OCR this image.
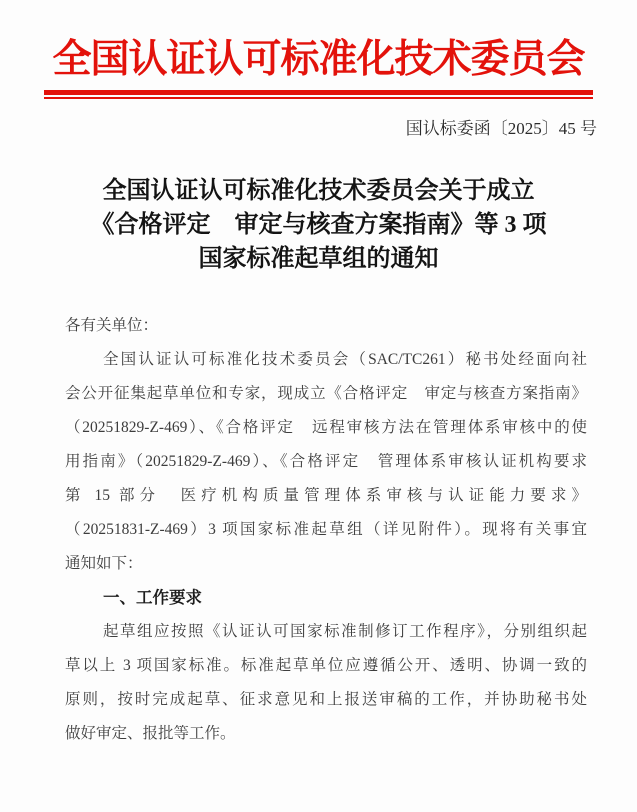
全国认证认可标准化技术委员会
国认标委函〔2025〕45 号
全国认证认可标准化技术委员会关于成立
《合格评定　审定与核查方案指南》等 3 项
国家标准起草组的通知
各有关单位：
全国认证认可标准化技术委员会（SAC/TC261）秘书处经面向社
会公开征集起草单位和专家，现成立《合格评定　审定与核查方案指南》
（20251829-Z-469）、《合格评定　远程审核方法在管理体系审核中的使
用指南》（20251829-Z-469）、《合格评定　管理体系审核认证机构要求
第 15 部分　医疗机构质量管理体系审核与认证能力要求》
（20251831-Z-469）3 项国家标准起草组（详见附件）。现将有关事宜
通知如下：
一、工作要求
起草组应按照《认证认可国家标准制修订工作程序》，分别组织起
草以上 3 项国家标准。标准起草单位应遵循公开、透明、协调一致的
原则，按时完成起草、征求意见和上报送审稿的工作，并协助秘书处
做好审定、报批等工作。
